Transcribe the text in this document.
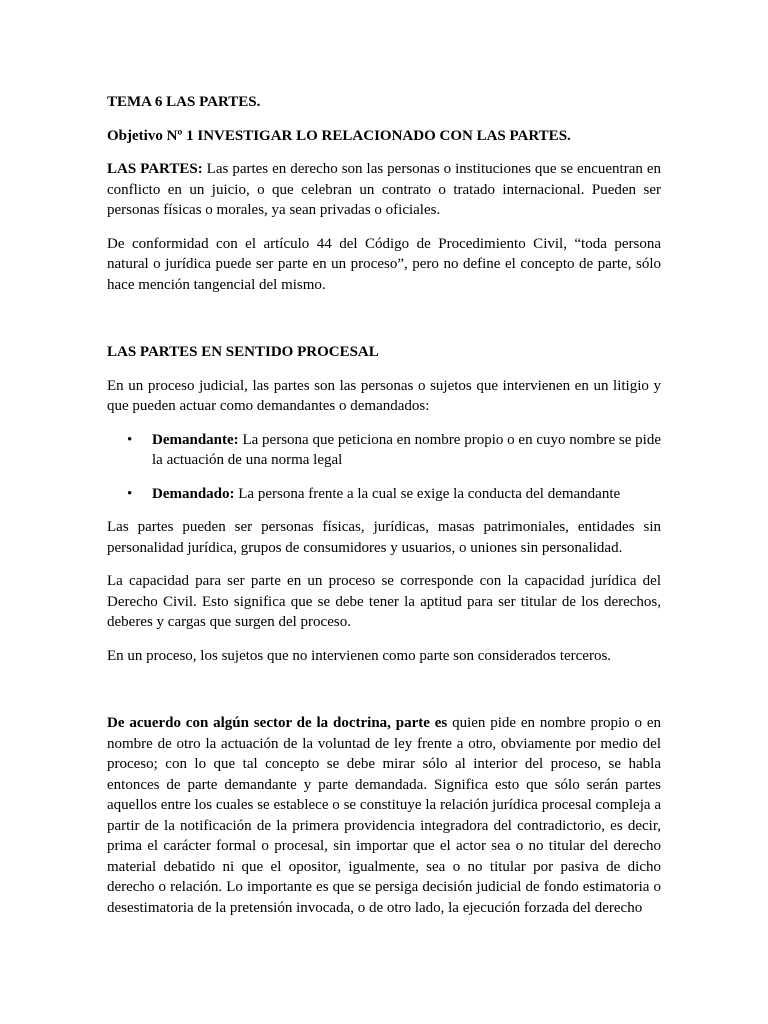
TEMA 6 LAS PARTES.

Objetivo Nº 1 INVESTIGAR LO RELACIONADO CON LAS PARTES.

LAS PARTES: Las partes en derecho son las personas o instituciones que se encuentran en conflicto en un juicio, o que celebran un contrato o tratado internacional. Pueden ser personas físicas o morales, ya sean privadas o oficiales.

De conformidad con el artículo 44 del Código de Procedimiento Civil, “toda persona natural o jurídica puede ser parte en un proceso”, pero no define el concepto de parte, sólo hace mención tangencial del mismo.

LAS PARTES EN SENTIDO PROCESAL

En un proceso judicial, las partes son las personas o sujetos que intervienen en un litigio y que pueden actuar como demandantes o demandados:

• Demandante: La persona que peticiona en nombre propio o en cuyo nombre se pide la actuación de una norma legal
• Demandado: La persona frente a la cual se exige la conducta del demandante

Las partes pueden ser personas físicas, jurídicas, masas patrimoniales, entidades sin personalidad jurídica, grupos de consumidores y usuarios, o uniones sin personalidad.

La capacidad para ser parte en un proceso se corresponde con la capacidad jurídica del Derecho Civil. Esto significa que se debe tener la aptitud para ser titular de los derechos, deberes y cargas que surgen del proceso.

En un proceso, los sujetos que no intervienen como parte son considerados terceros.

De acuerdo con algún sector de la doctrina, parte es quien pide en nombre propio o en nombre de otro la actuación de la voluntad de ley frente a otro, obviamente por medio del proceso; con lo que tal concepto se debe mirar sólo al interior del proceso, se habla entonces de parte demandante y parte demandada. Significa esto que sólo serán partes aquellos entre los cuales se establece o se constituye la relación jurídica procesal compleja a partir de la notificación de la primera providencia integradora del contradictorio, es decir, prima el carácter formal o procesal, sin importar que el actor sea o no titular del derecho material debatido ni que el opositor, igualmente, sea o no titular por pasiva de dicho derecho o relación. Lo importante es que se persiga decisión judicial de fondo estimatoria o desestimatoria de la pretensión invocada, o de otro lado, la ejecución forzada del derecho
